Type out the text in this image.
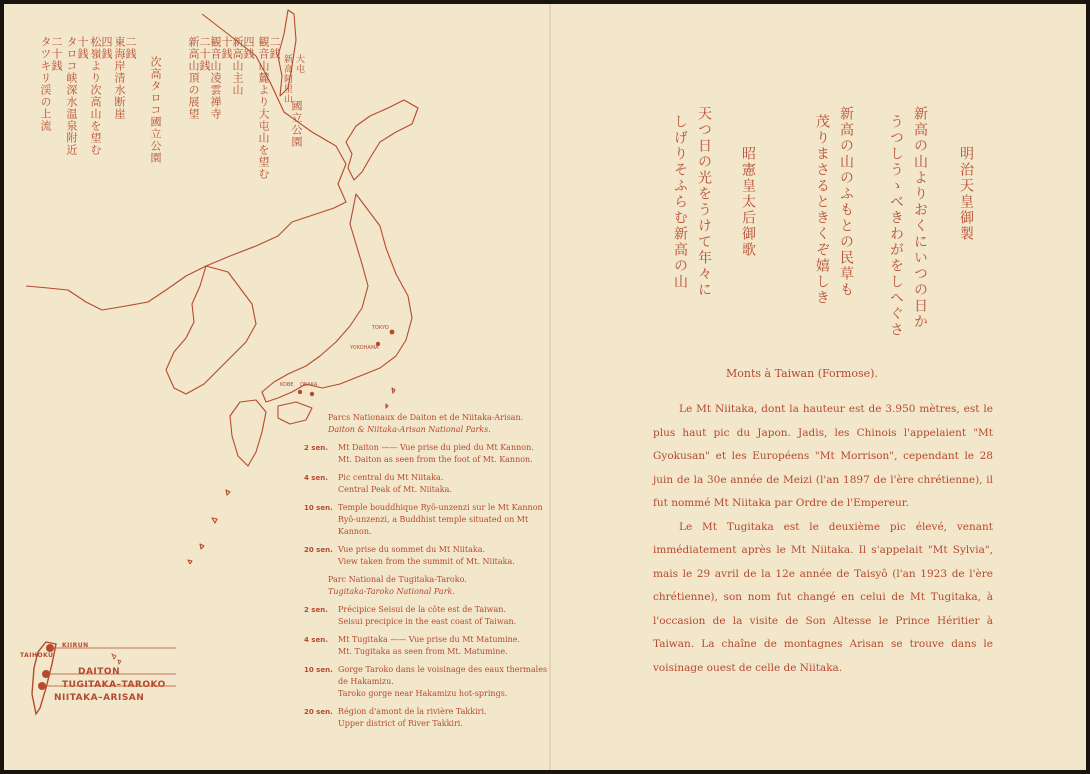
TOKYO
YOKOHAMA
KOBE OSAKA
二銭
観音山麓より大屯山を望む
四銭
新高山主山
十銭
観音山凌雲禅寺
二十銭
新高山頂の展望
次高タロコ國立公園
二銭
東海岸清水断崖
四銭
松嶺より次高山を望む
十銭
タロコ峡深水温泉附近
二十銭
タツキリ渓の上流	大屯
新高阿里山
國立公園
KIIRUN
TAIHOKU
DAITON
TUGITAKA–TAROKO
NIITAKA–ARISAN
Parcs Nationaux de Daiton et de Niitaka-Arisan.
Daiton & Niitaka-Arisan National Parks.
2 sen.	Mt Daiton —— Vue prise du pied du Mt Kannon.
Mt. Daiton as seen from the foot of Mt. Kannon.
4 sen.	Pic central du Mt Niitaka.
Central Peak of Mt. Niitaka.
10 sen. Temple bouddhique Ryô-unzenzi sur le Mt Kannon
Ryô-unzenzi, a Buddhist temple situated on Mt
Kannon.
20 sen. Vue prise du sommet du Mt Niitaka.
View taken from the summit of Mt. Niitaka.
Parc National de Tugitaka-Taroko.
Tugitaka-Taroko National Park.
2 sen.	Précipice Seisui de la côte est de Taiwan.
Seisui precipice in the east coast of Taiwan.
4 sen.	Mt Tugitaka —— Vue prise du Mt Matumine.
Mt. Tugitaka as seen from Mt. Matumine.
10 sen. Gorge Taroko dans le voisinage des eaux thermales
de Hakamizu.
Taroko gorge near Hakamizu hot-springs.
20 sen. Région d'amont de la rivière Takkiri.
Upper district of River Takkiri.
明治天皇御製
新高の山よりおくにいつの日か
うつしうゝべきわがをしへぐさ
新高の山のふもとの民草も
茂りまさるときくぞ嬉しき
昭憲皇太后御歌
天つ日の光をうけて年々に
しげりそふらむ新高の山
Monts à Taiwan (Formose).

Le Mt Niitaka, dont la hauteur est de 3.950 mètres, est le plus haut pic du Japon. Jadis, les Chinois l'appelaient "Mt Gyokusan" et les Européens "Mt Morrison", cependant le 28 juin de la 30e année de Meizi (l'an 1897 de l'ère chrétienne), il fut nommé Mt Niitaka par Ordre de l'Empereur.

Le Mt Tugitaka est le deuxième pic élevé, venant immédiatement après le Mt Niitaka. Il s'appelait "Mt Sylvia", mais le 29 avril de la 12e année de Taisyô (l'an 1923 de l'ère chrétienne), son nom fut changé en celui de Mt Tugitaka, à l'occasion de la visite de Son Altesse le Prince Héritier à Taiwan. La chaîne de montagnes Arisan se trouve dans le voisinage ouest de celle de Niitaka.
